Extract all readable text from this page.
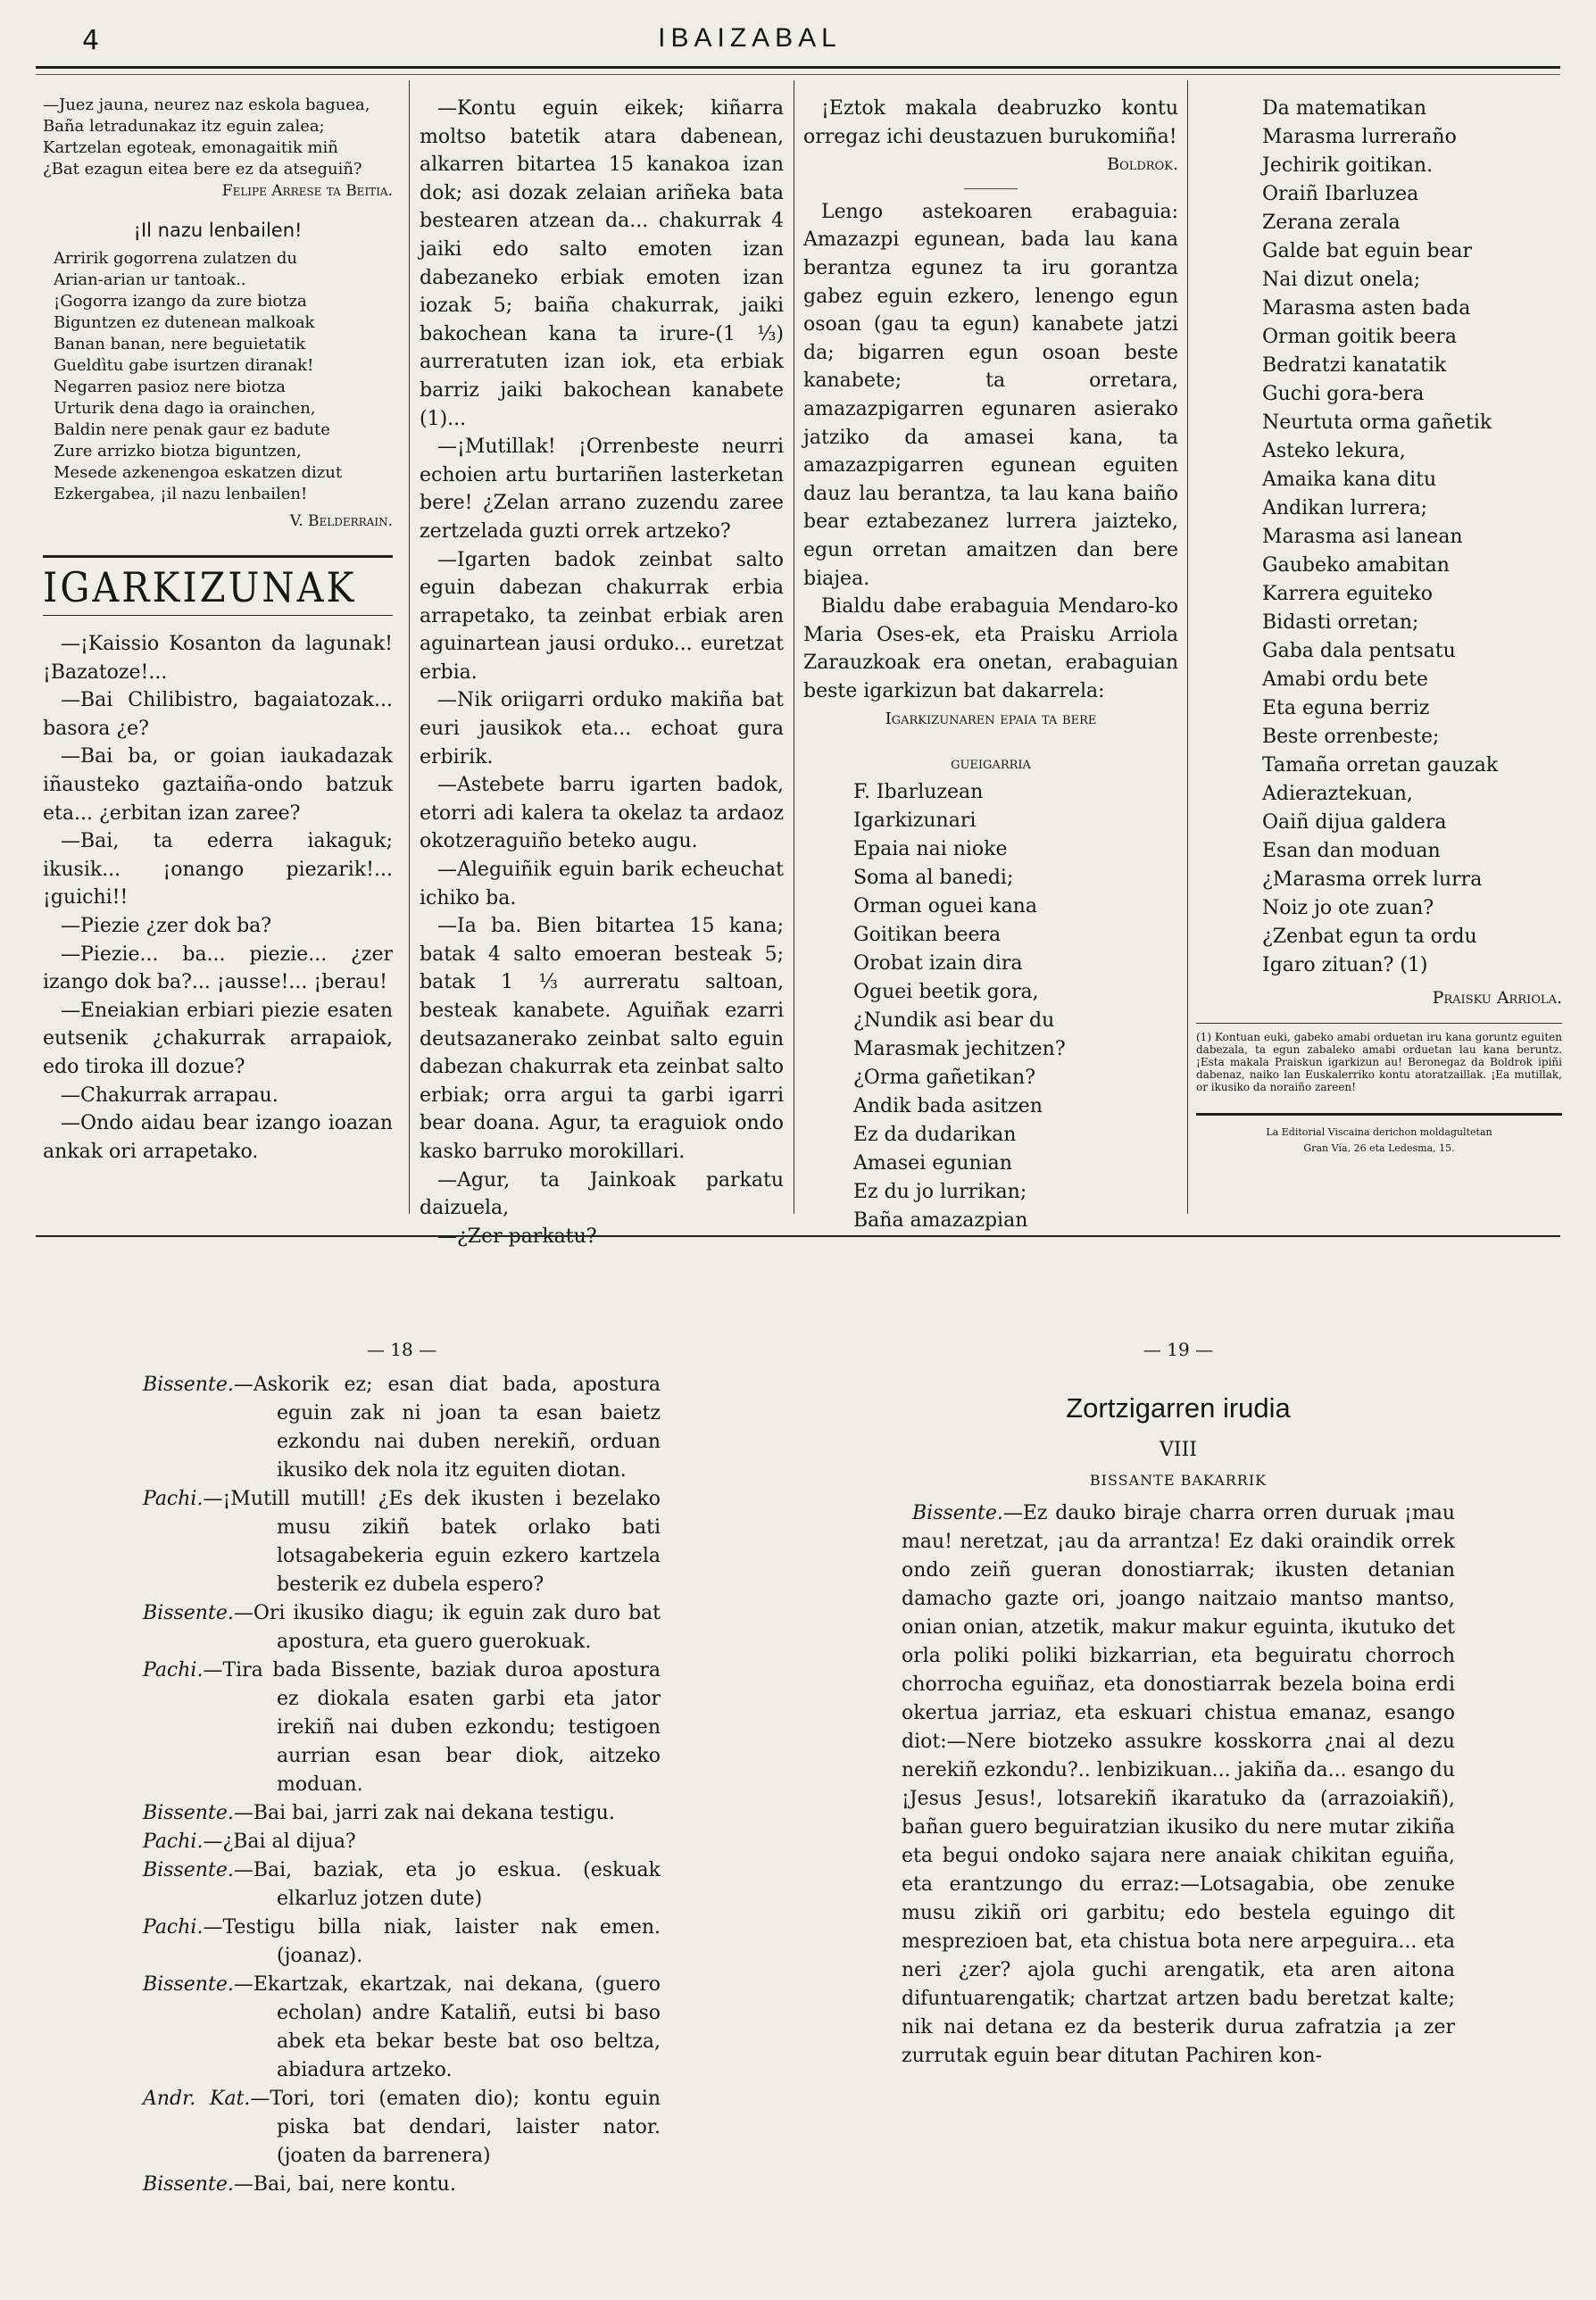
4	IBAIZABAL

—Juez jauna, neurez naz eskola baguea,

Baña letradunakaz itz eguin zalea;

Kartzelan egoteak, emonagaitik miñ

¿Bat ezagun eitea bere ez da atseguiñ?

Felipe Arrese ta Beitia.

¡Il nazu lenbailen!

Arririk gogorrena zulatzen du

Arian-arian ur tantoak..

¡Gogorra izango da zure biotza

Biguntzen ez dutenean malkoak

Banan banan, nere beguietatik

Gueldìtu gabe isurtzen diranak!

Negarren pasioz nere biotza

Urturik dena dago ia orainchen,

Baldin nere penak gaur ez badute

Zure arrizko biotza biguntzen,

Mesede azkenengoa eskatzen dizut

Ezkergabea, ¡il nazu lenbailen!

V. Belderrain.

IGARKIZUNAK

—¡Kaissio Kosanton da lagunak! ¡Bazatoze!...

—Bai Chilibistro, bagaiatozak... basora ¿e?

—Bai ba, or goian iaukadazak iñausteko gaztaiña-ondo batzuk eta... ¿erbitan izan zaree?

—Bai, ta ederra iakaguk; ikusik... ¡onango piezarik!... ¡guichi!!

—Piezie ¿zer dok ba?

—Piezie... ba... piezie... ¿zer izango dok ba?... ¡ausse!... ¡berau!

—Eneiakian erbiari piezie esaten eutsenik ¿chakurrak arrapaiok, edo tiroka ill dozue?

—Chakurrak arrapau.

—Ondo aidau bear izango ioazan ankak ori arrapetako.

—Kontu eguin eikek; kiñarra moltso batetik atara dabenean, alkarren bitartea 15 kanakoa izan dok; asi dozak zelaian ariñeka bata bestearen atzean da... chakurrak 4 jaiki edo salto emoten izan dabezaneko erbiak emoten izan iozak 5; baiña chakurrak, jaiki bakochean kana ta irure-(1 ⅓) aurreratuten izan iok, eta erbiak barriz jaiki bakochean kanabete (1)...

—¡Mutillak! ¡Orrenbeste neurri echoien artu burtariñen lasterketan bere! ¿Zelan arrano zuzendu zaree zertzelada guzti orrek artzeko?

—Igarten badok zeinbat salto eguin dabezan chakurrak erbia arrapetako, ta zeinbat erbiak aren aguinartean jausi orduko... euretzat erbia.

—Nik oriigarri orduko makiña bat euri jausikok eta... echoat gura erbirik.

—Astebete barru igarten badok, etorri adi kalera ta okelaz ta ardaoz okotzeraguiño beteko augu.

—Aleguiñik eguin barik echeuchat ichiko ba.

—Ia ba. Bien bitartea 15 kana; batak 4 salto emoeran besteak 5; batak 1 ⅓ aurreratu saltoan, besteak kanabete. Aguiñak ezarri deutsazanerako zeinbat salto eguin dabezan chakurrak eta zeinbat salto erbiak; orra argui ta garbi igarri bear doana. Agur, ta eraguiok ondo kasko barruko morokillari.

—Agur, ta Jainkoak parkatu daizuela,

—¿Zer parkatu?

¡Eztok makala deabruzko kontu orregaz ichi deustazuen burukomiña!

Boldrok.

Lengo astekoaren erabaguia: Amazazpi egunean, bada lau kana berantza egunez ta iru gorantza gabez eguin ezkero, lenengo egun osoan (gau ta egun) kanabete jatzi da; bigarren egun osoan beste kanabete; ta orretara, amazazpigarren egunaren asierako jatziko da amasei kana, ta amazazpigarren egunean eguiten dauz lau berantza, ta lau kana baiño bear eztabezanez lurrera jaizteko, egun orretan amaitzen dan bere biajea.

Bialdu dabe erabaguia Mendaro-ko Maria Oses-ek, eta Praisku Arriola Zarauzkoak era onetan, erabaguian beste igarkizun bat dakarrela:

Igarkizunaren epaia ta bere

gueigarria

F. Ibarluzean

Igarkizunari

Epaia nai nioke

Soma al banedi;

Orman oguei kana

Goitikan beera

Orobat izain dira

Oguei beetik gora,

¿Nundik asi bear du

Marasmak jechitzen?

¿Orma gañetikan?

Andik bada asitzen

Ez da dudarikan

Amasei egunian

Ez du jo lurrikan;

Baña amazazpian

Da matematikan

Marasma lurreraño

Jechirik goitikan.

Oraiñ Ibarluzea

Zerana zerala

Galde bat eguin bear

Nai dizut onela;

Marasma asten bada

Orman goitik beera

Bedratzi kanatatik

Guchi gora-bera

Neurtuta orma gañetik

Asteko lekura,

Amaika kana ditu

Andikan lurrera;

Marasma asi lanean

Gaubeko amabitan

Karrera eguiteko

Bidasti orretan;

Gaba dala pentsatu

Amabi ordu bete

Eta eguna berriz

Beste orrenbeste;

Tamaña orretan gauzak

Adieraztekuan,

Oaiñ dijua galdera

Esan dan moduan

¿Marasma orrek lurra

Noiz jo ote zuan?

¿Zenbat egun ta ordu

Igaro zituan? (1)

Praisku Arriola.

(1) Kontuan euki, gabeko amabi orduetan iru kana goruntz eguiten dabezala, ta egun zabaleko amabi orduetan lau kana beruntz. ¡Esta makala Praiskun igarkizun au! Beronegaz da Boldrok ipiñi dabenaz, naiko lan Euskalerriko kontu atoratzaillak. ¡Ea mutillak, or ikusiko da noraiño zareen!
La Editorial Viscaina derichon moldagultetan
Gran Vía, 26 eta Ledesma, 15.
— 18 —

Bissente.—Askorik ez; esan diat bada, apostura eguin zak ni joan ta esan baietz ezkondu nai duben nerekiñ, orduan ikusiko dek nola itz eguiten diotan.

Pachi.—¡Mutill mutill! ¿Es dek ikusten i bezelako musu zikiñ batek orlako bati lotsagabekeria eguin ezkero kartzela besterik ez dubela espero?

Bissente.—Ori ikusiko diagu; ik eguin zak duro bat apostura, eta guero guerokuak.

Pachi.—Tira bada Bissente, baziak duroa apostura ez diokala esaten garbi eta jator irekiñ nai duben ezkondu; testigoen aurrian esan bear diok, aitzeko moduan.

Bissente.—Bai bai, jarri zak nai dekana testigu.

Pachi.—¿Bai al dijua?

Bissente.—Bai, baziak, eta jo eskua. (eskuak elkarluz jotzen dute)

Pachi.—Testigu billa niak, laister nak emen. (joanaz).

Bissente.—Ekartzak, ekartzak, nai dekana, (guero echolan) andre Kataliñ, eutsi bi baso abek eta bekar beste bat oso beltza, abiadura artzeko.

Andr. Kat.—Tori, tori (ematen dio); kontu eguin piska bat dendari, laister nator. (joaten da barrenera)

Bissente.—Bai, bai, nere kontu.

— 19 —
Zortzigarren irudia
VIII
BISSANTE BAKARRIK

Bissente.—Ez dauko biraje charra orren duruak ¡mau mau! neretzat, ¡au da arrantza! Ez daki oraindik orrek ondo zeiñ gueran donostiarrak; ikusten detanian damacho gazte ori, joango naitzaio mantso mantso, onian onian, atzetik, makur makur eguinta, ikutuko det orla poliki poliki bizkarrian, eta beguiratu chorroch chorrocha eguiñaz, eta donostiarrak bezela boina erdi okertua jarriaz, eta eskuari chistua emanaz, esango diot:—Nere biotzeko assukre kosskorra ¿nai al dezu nerekiñ ezkondu?.. lenbizikuan... jakiña da... esango du ¡Jesus Jesus!, lotsarekiñ ikaratuko da (arrazoiakiñ), bañan guero beguiratzian ikusiko du nere mutar zikiña eta begui ondoko sajara nere anaiak chikitan eguiña, eta erantzungo du erraz:—Lotsagabia, obe zenuke musu zikiñ ori garbitu; edo bestela eguingo dit mesprezioen bat, eta chistua bota nere arpeguira... eta neri ¿zer? ajola guchi arengatik, eta aren aitona difuntuarengatik; chartzat artzen badu beretzat kalte; nik nai detana ez da besterik durua zafratzia ¡a zer zurrutak eguin bear ditutan Pachiren kon-
